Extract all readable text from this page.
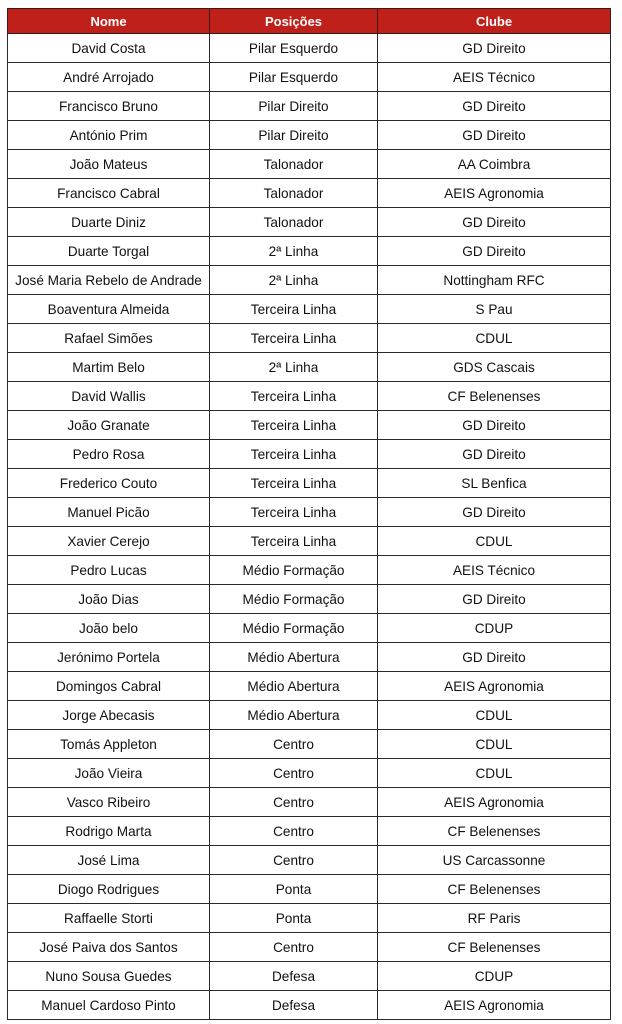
Nome	Posições	Clube
David Costa	Pilar Esquerdo	GD Direito
André Arrojado	Pilar Esquerdo	AEIS Técnico
Francisco Bruno	Pilar Direito	GD Direito
António Prim	Pilar Direito	GD Direito
João Mateus	Talonador	AA Coimbra
Francisco Cabral	Talonador	AEIS Agronomia
Duarte Diniz	Talonador	GD Direito
Duarte Torgal	2ª Linha	GD Direito
José Maria Rebelo de Andrade	2ª Linha	Nottingham RFC
Boaventura Almeida	Terceira Linha	S Pau
Rafael Simões	Terceira Linha	CDUL
Martim Belo	2ª Linha	GDS Cascais
David Wallis	Terceira Linha	CF Belenenses
João Granate	Terceira Linha	GD Direito
Pedro Rosa	Terceira Linha	GD Direito
Frederico Couto	Terceira Linha	SL Benfica
Manuel Picão	Terceira Linha	GD Direito
Xavier Cerejo	Terceira Linha	CDUL
Pedro Lucas	Médio Formação	AEIS Técnico
João Dias	Médio Formação	GD Direito
João belo	Médio Formação	CDUP
Jerónimo Portela	Médio Abertura	GD Direito
Domingos Cabral	Médio Abertura	AEIS Agronomia
Jorge Abecasis	Médio Abertura	CDUL
Tomás Appleton	Centro	CDUL
João Vieira	Centro	CDUL
Vasco Ribeiro	Centro	AEIS Agronomia
Rodrigo Marta	Centro	CF Belenenses
José Lima	Centro	US Carcassonne
Diogo Rodrigues	Ponta	CF Belenenses
Raffaelle Storti	Ponta	RF Paris
José Paiva dos Santos	Centro	CF Belenenses
Nuno Sousa Guedes	Defesa	CDUP
Manuel Cardoso Pinto	Defesa	AEIS Agronomia
